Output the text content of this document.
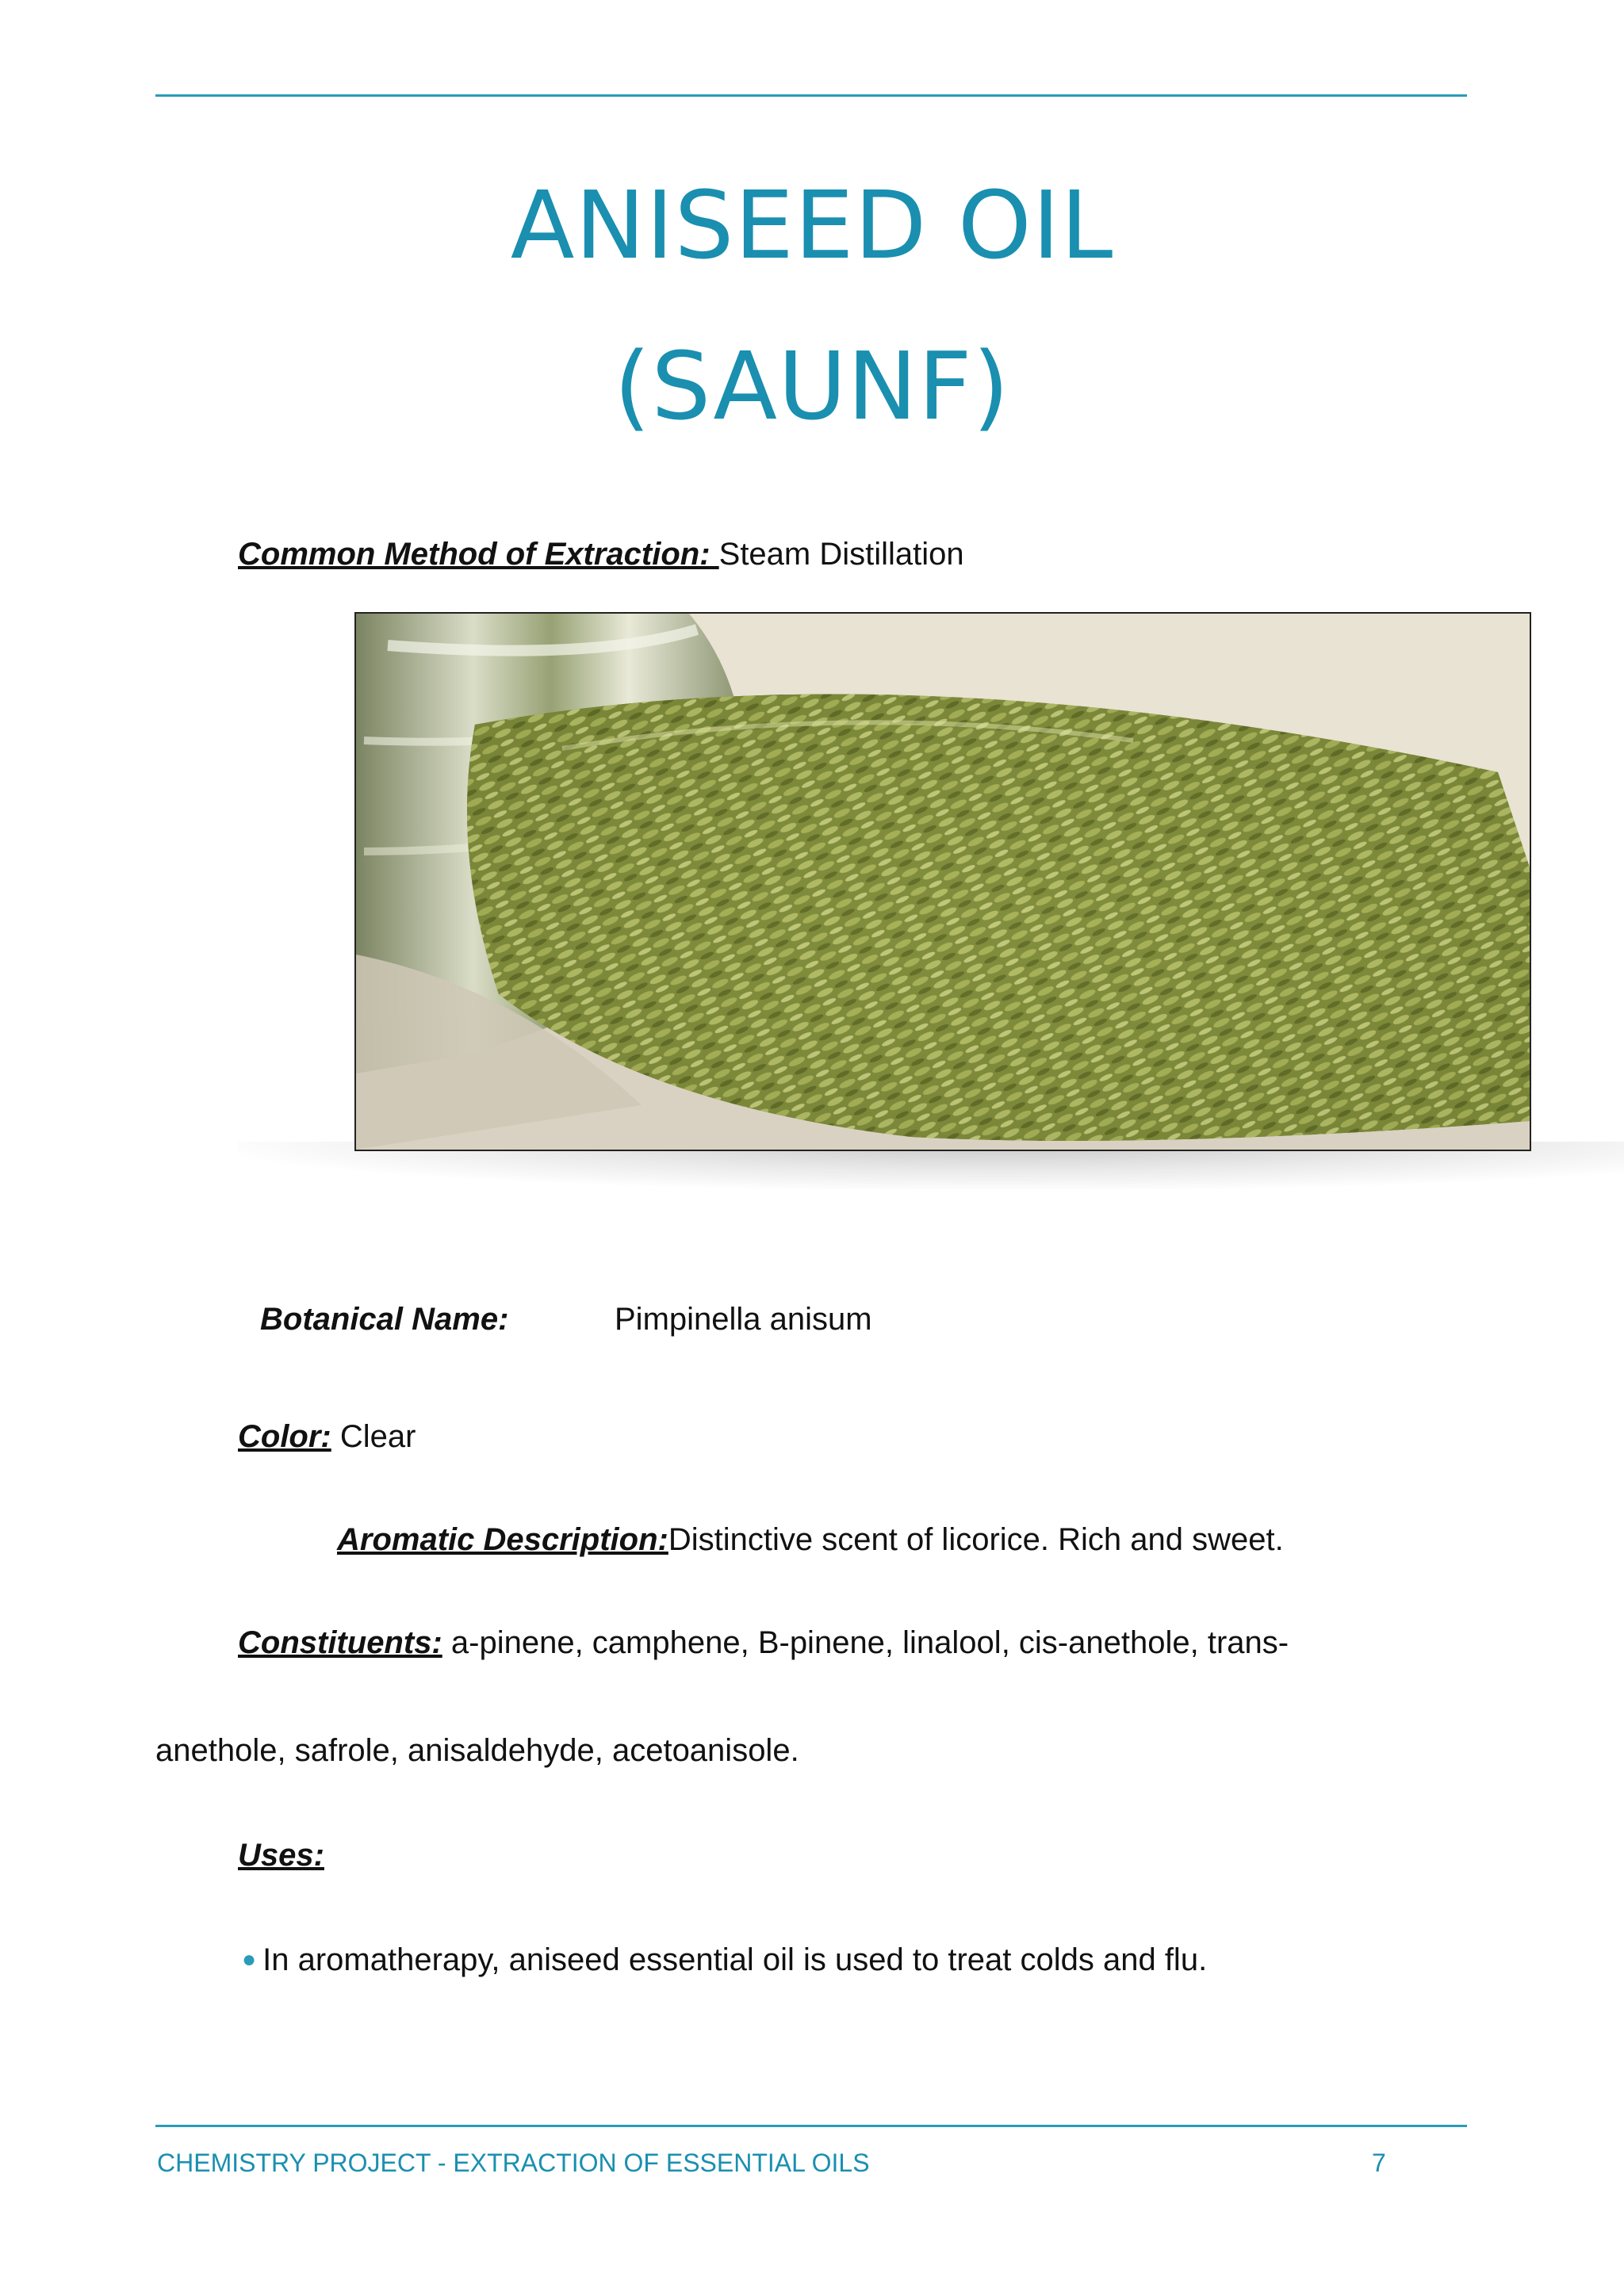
ANISEED OIL
(SAUNF)
Common Method of Extraction: Steam Distillation
Botanical Name:	Pimpinella anisum
Color: Clear
Aromatic Description:Distinctive scent of licorice. Rich and sweet.
Constituents: a-pinene, camphene, B-pinene, linalool, cis-anethole, trans-
anethole, safrole, anisaldehyde, acetoanisole.
Uses:
● In aromatherapy, aniseed essential oil is used to treat colds and flu.
CHEMISTRY PROJECT - EXTRACTION OF ESSENTIAL OILS	7
